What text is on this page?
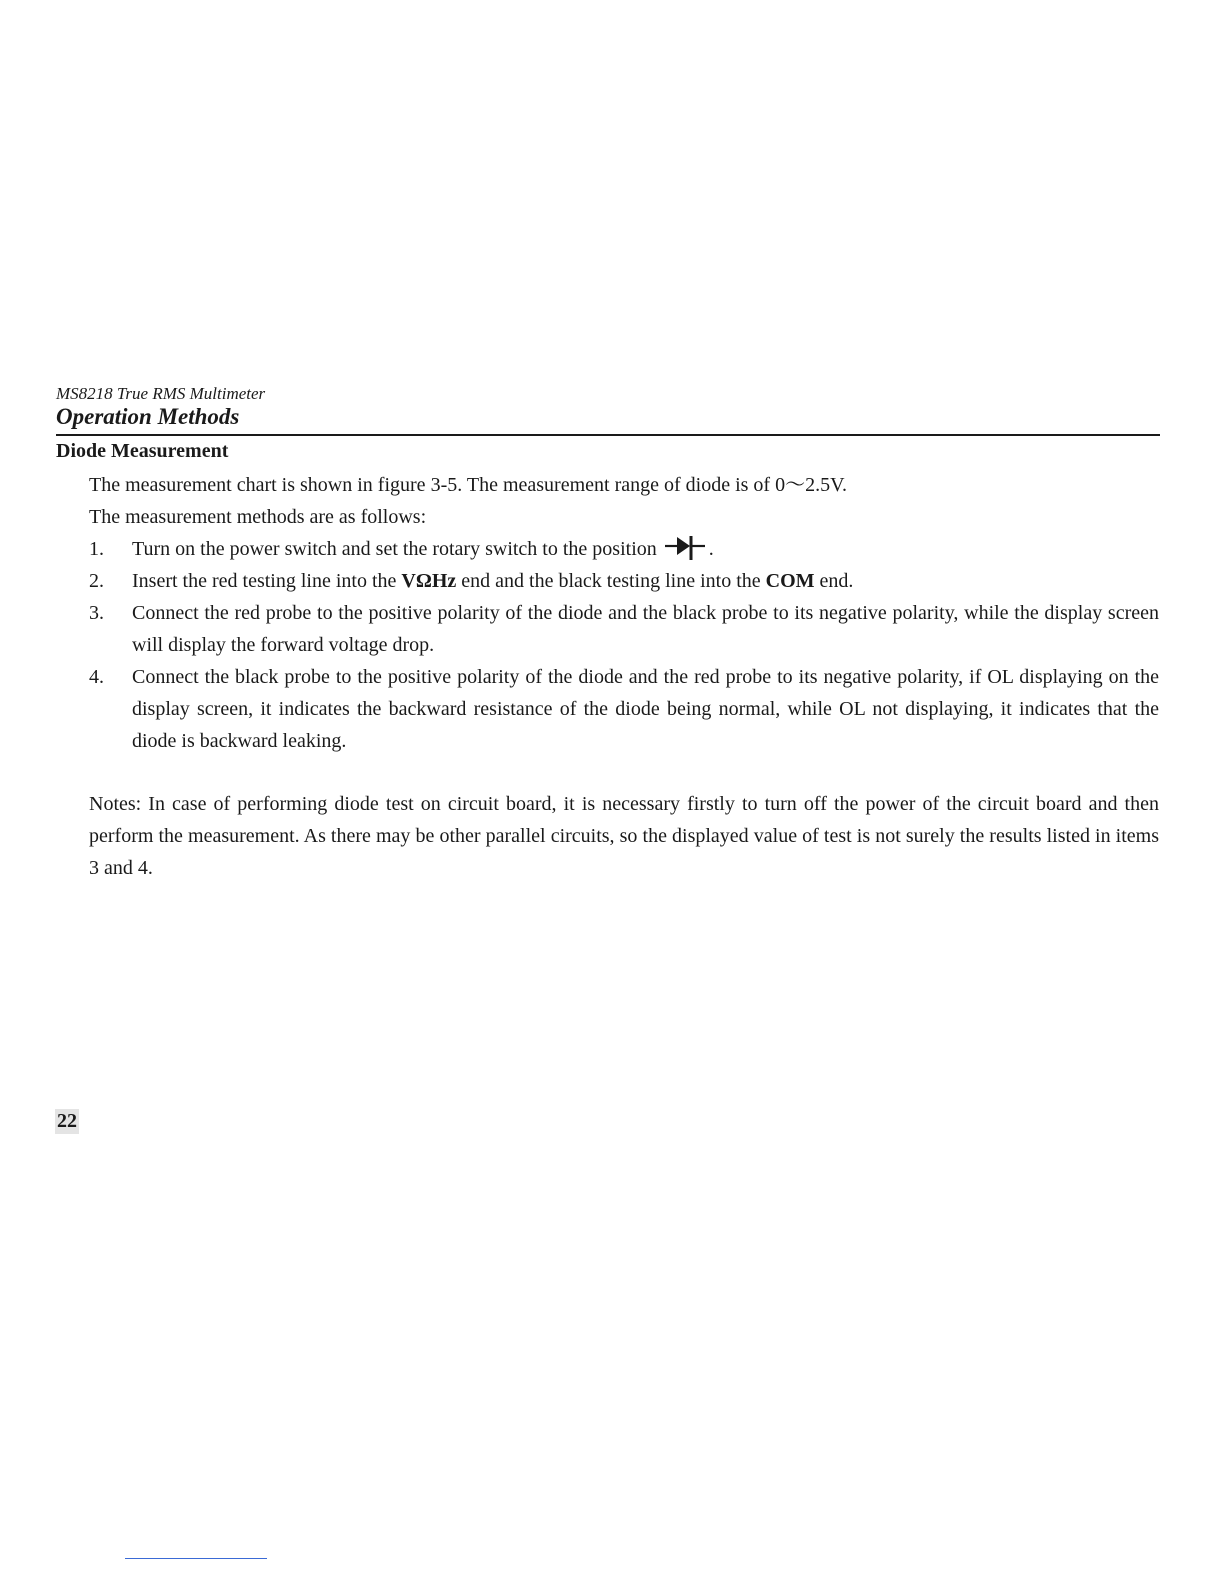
MS8218 True RMS Multimeter
Operation Methods
Diode Measurement
The measurement chart is shown in figure 3-5. The measurement range of diode is of 0～2.5V.
The measurement methods are as follows:
1.	Turn on the power switch and set the rotary switch to the position	.
2.	Insert the red testing line into the VΩHz end and the black testing line into the COM end.
3.	Connect the red probe to the positive polarity of the diode and the black probe to its negative polarity, while the display screen will display the forward voltage drop.
4.	Connect the black probe to the positive polarity of the diode and the red probe to its negative polarity, if OL displaying on the display screen, it indicates the backward resistance of the diode being normal, while OL not displaying, it indicates that the diode is backward leaking.
Notes: In case of performing diode test on circuit board, it is necessary firstly to turn off the power of the circuit board and then perform the measurement. As there may be other parallel circuits, so the displayed value of test is not surely the results listed in items 3 and 4.
22
